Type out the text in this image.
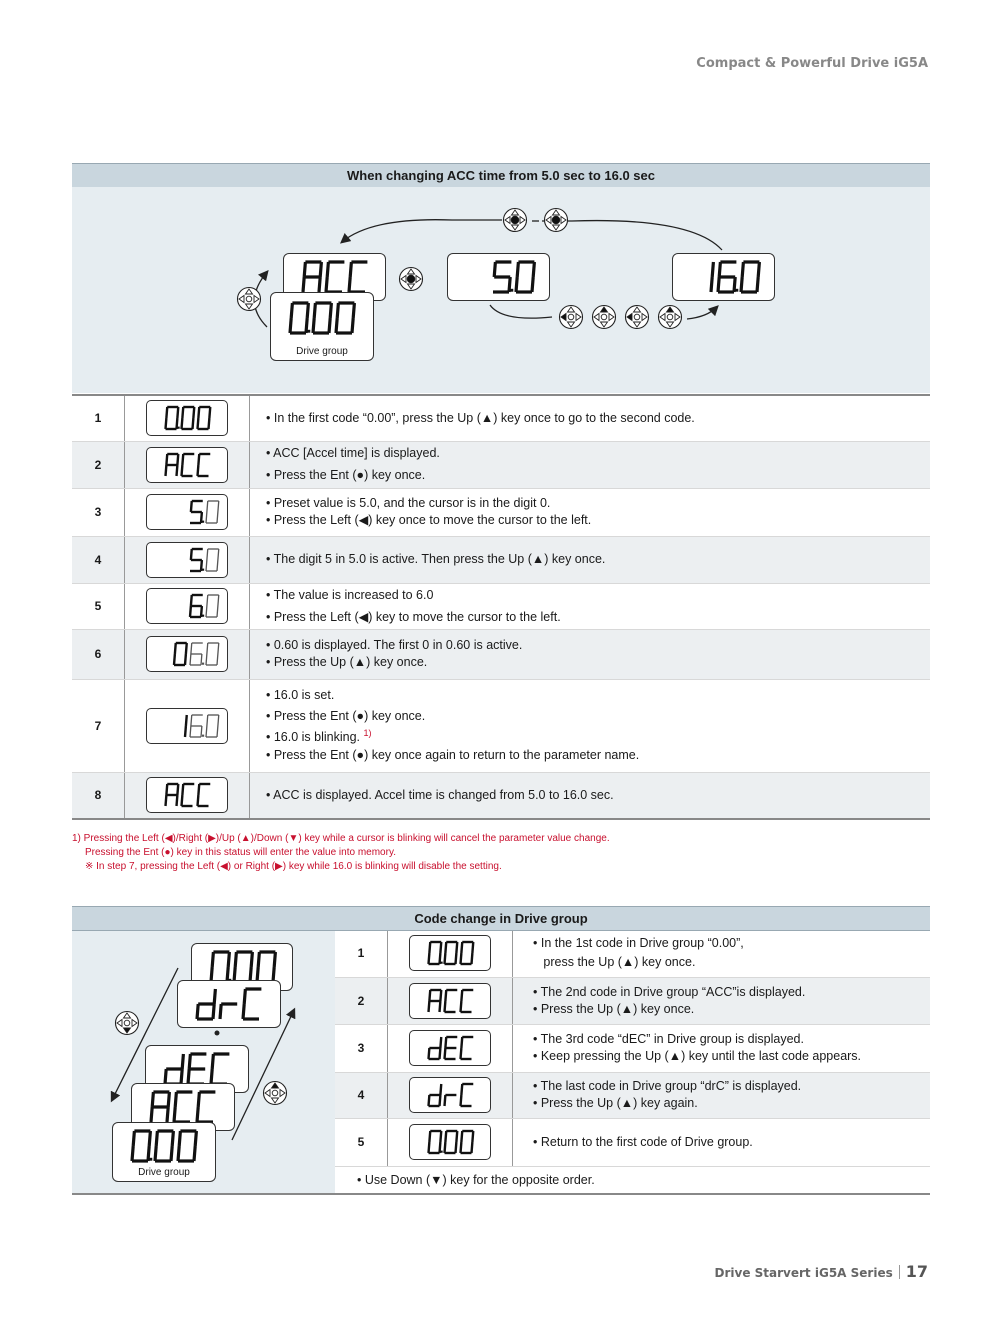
Compact & Powerful Drive iG5A
When changing ACC time from 5.0 sec to 16.0 sec
Drive group
1		• In the first code “0.00”, press the Up (▲) key once to go to the second code.

2		• ACC [Accel time] is displayed.
• Press the Ent (●) key once.

3		• Preset value is 5.0, and the cursor is in the digit 0.
• Press the Left (◀) key once to move the cursor to the left.

4		• The digit 5 in 5.0 is active. Then press the Up (▲) key once.

5		• The value is increased to 6.0
• Press the Left (◀) key to move the cursor to the left.

6		• 0.60 is displayed. The first 0 in 0.60 is active.
• Press the Up (▲) key once.

7		• 16.0 is set.
• Press the Ent (●) key once.
• 16.0 is blinking. $^{1)}$
• Press the Ent (●) key once again to return to the parameter name.

8		• ACC is displayed. Accel time is changed from 5.0 to 16.0 sec.
1) Pressing the Left (◀)/Right (▶)/Up (▲)/Down (▼) key while a cursor is blinking will cancel the parameter value change.
Pressing the Ent (●) key in this status will enter the value into memory.
※ In step 7, pressing the Left (◀) or Right (▶) key while 16.0 is blinking will disable the setting.
Code change in Drive group
Drive group
1		• In the 1st code in Drive group “0.00”,
press the Up (▲) key once.

2		• The 2nd code in Drive group “ACC”is displayed.
• Press the Up (▲) key once.

3		• The 3rd code “dEC” in Drive group is displayed.
• Keep pressing the Up (▲) key until the last code appears.

4		• The last code in Drive group “drC” is displayed.
• Press the Up (▲) key again.

5		• Return to the first code of Drive group.

• Use Down (▼) key for the opposite order.		
Drive Starvert iG5A Series 17
